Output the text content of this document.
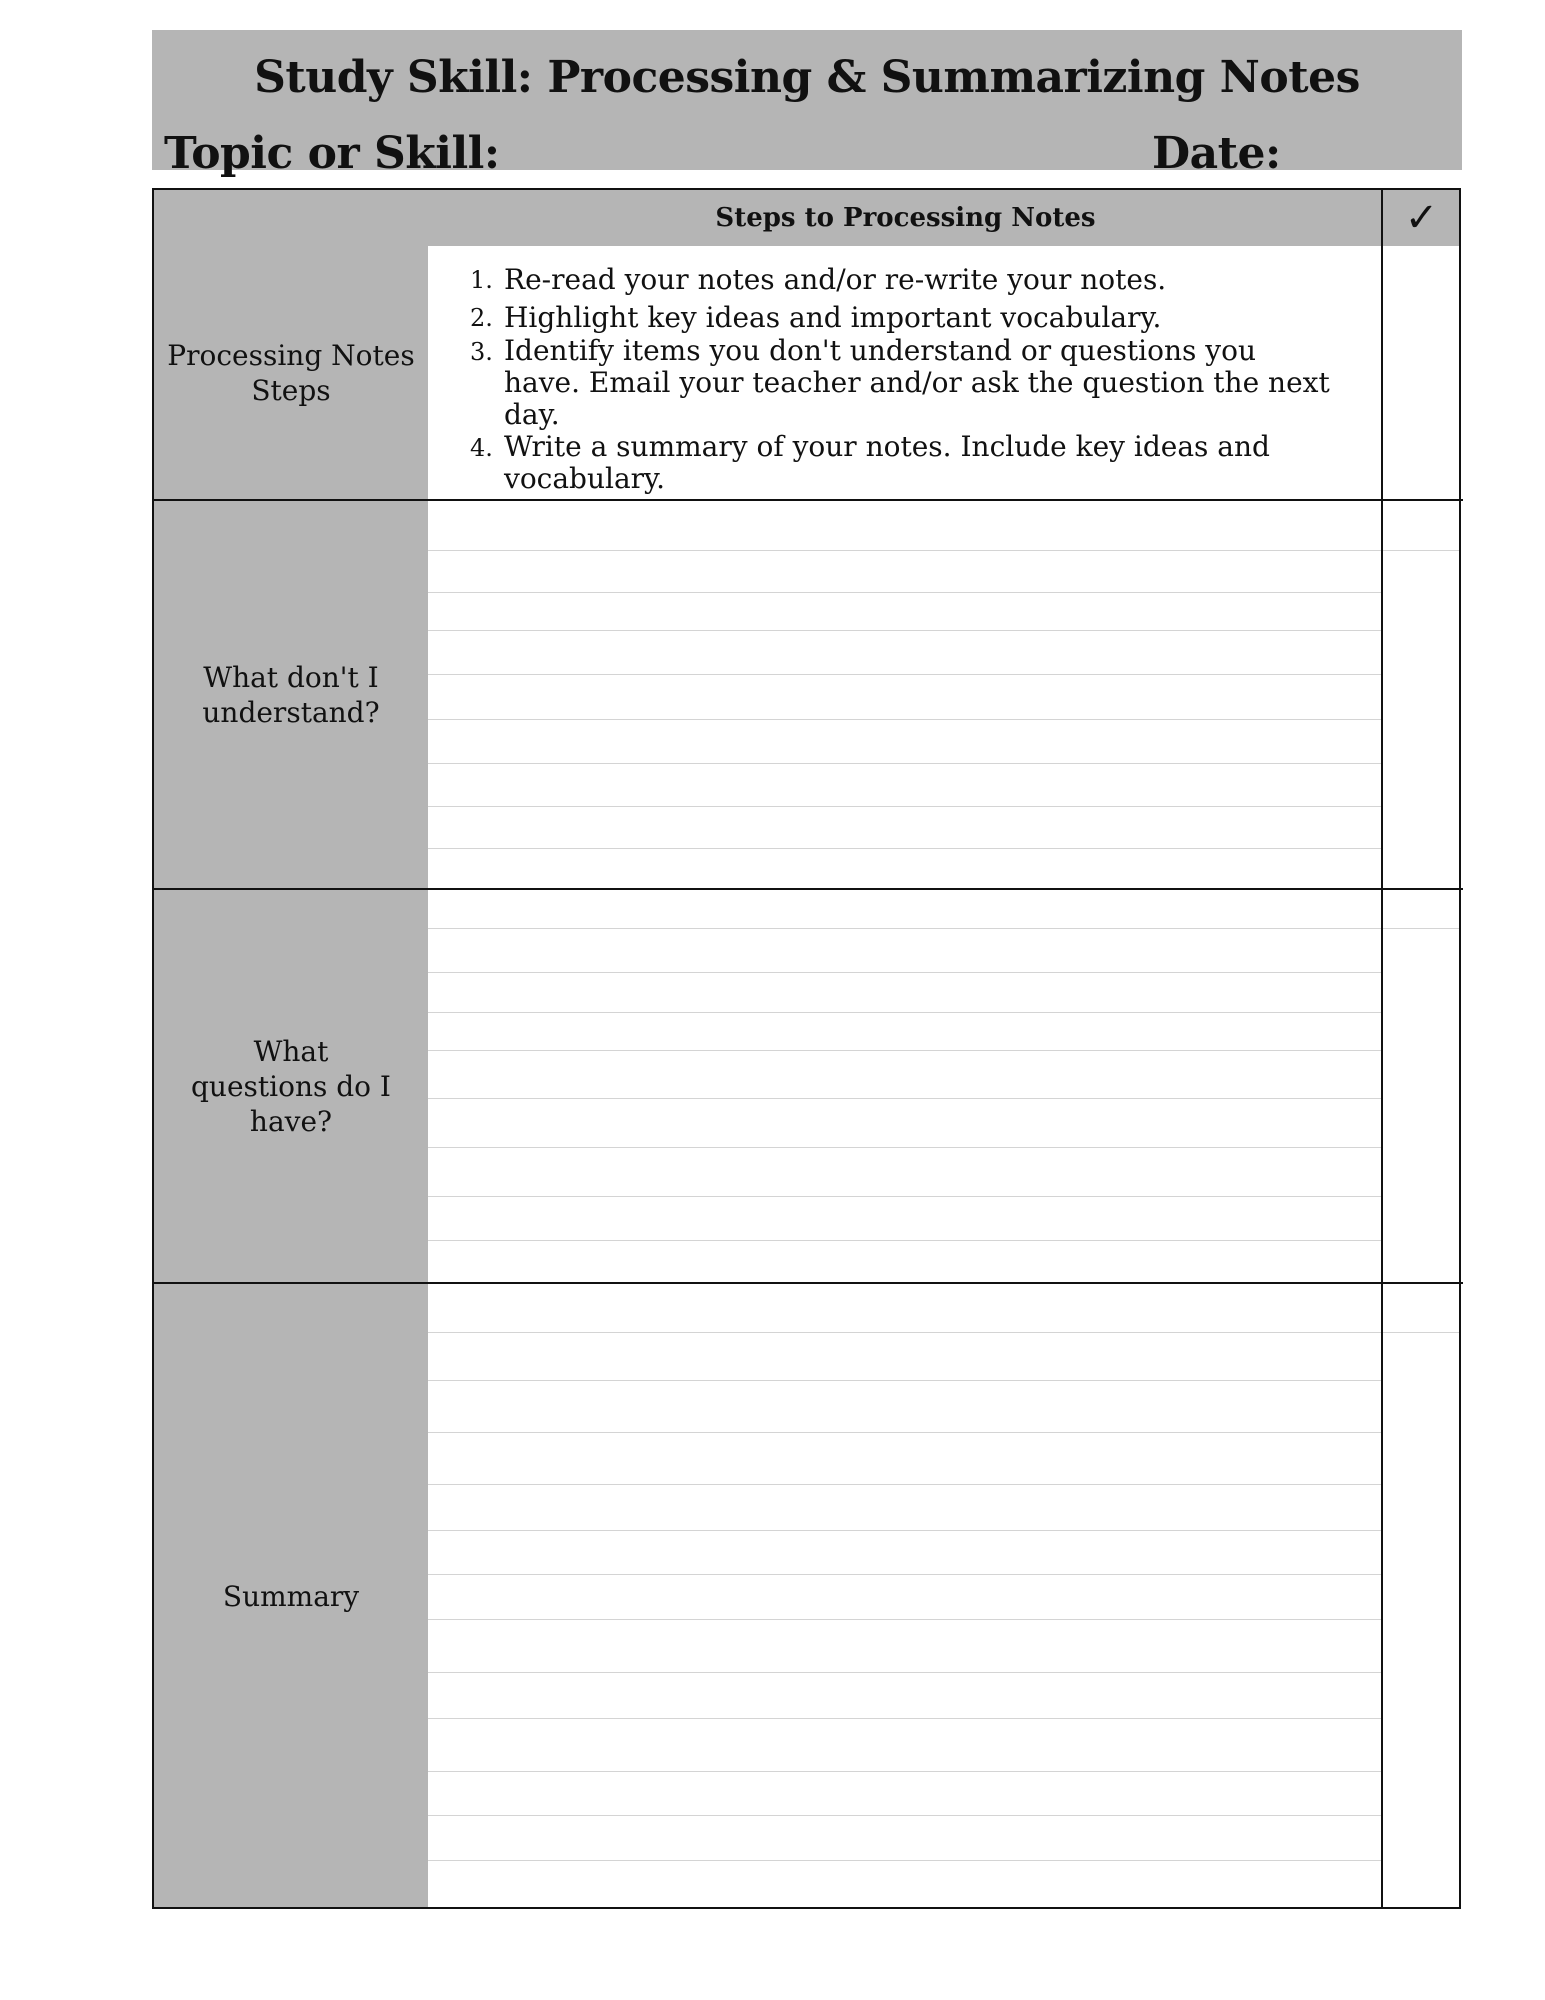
Study Skill: Processing & Summarizing Notes
Topic or Skill:	Date:
✓
Steps to Processing Notes
Processing Notes Steps
1. Re-read your notes and/or re-write your notes.
2. Highlight key ideas and important vocabulary.
3. Identify items you don't understand or questions you have. Email your teacher and/or ask the question the next day.
4. Write a summary of your notes. Include key ideas and vocabulary.
What don't I understand?
What questions do I have?
Summary
